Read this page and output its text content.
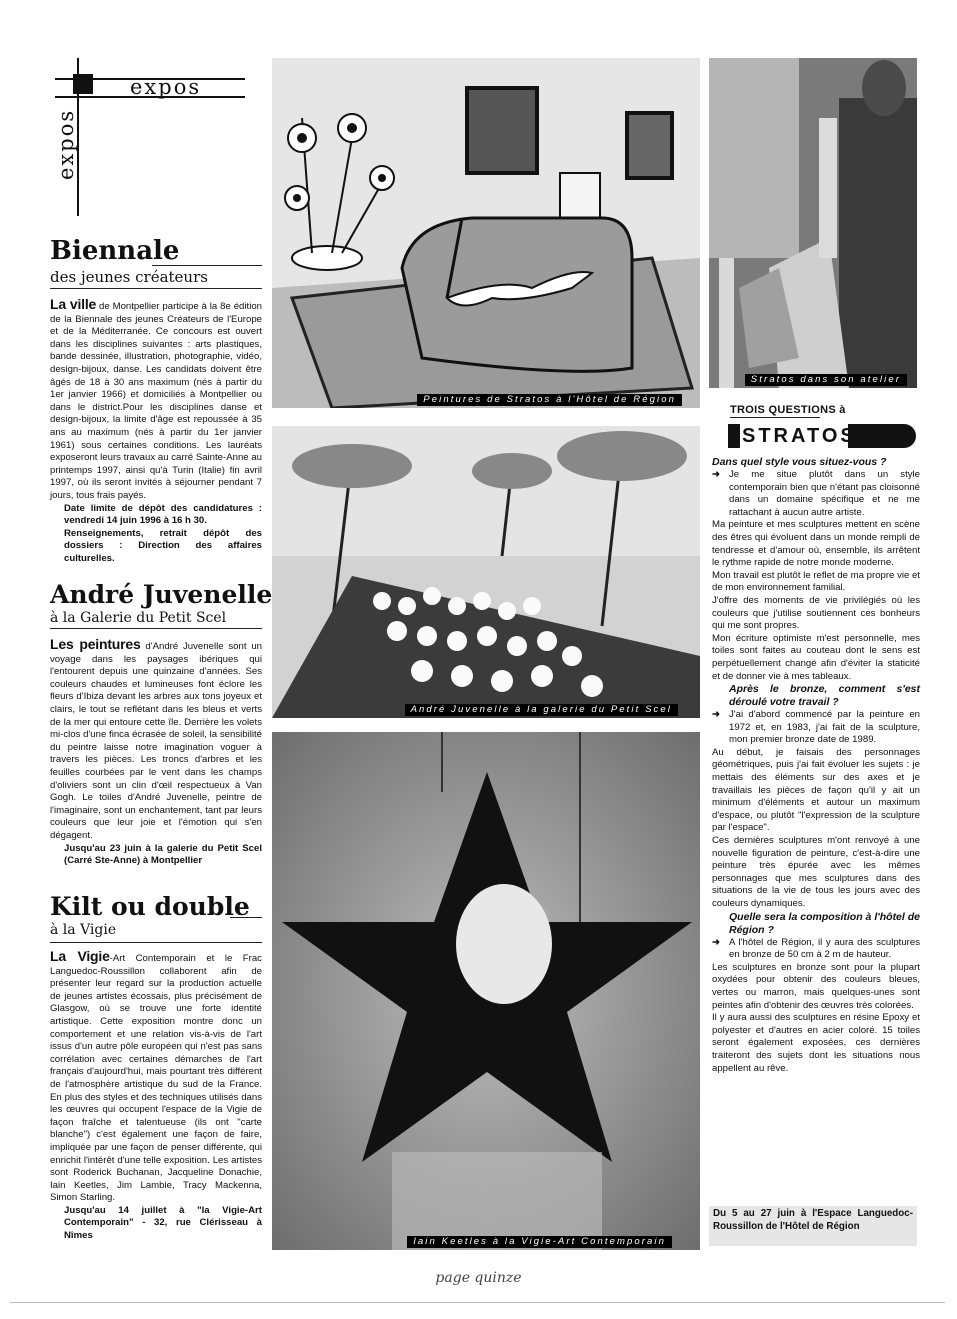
expos
expos
Biennale
des jeunes créateurs

La ville de Montpellier participe à la 8e édition de la Biennale des jeunes Créateurs de l'Europe et de la Méditerranée. Ce concours est ouvert dans les disciplines suivantes : arts plastiques, bande dessinée, illustration, photographie, vidéo, design-bijoux, danse. Les candidats doivent être âgés de 18 à 30 ans maximum (nés à partir du 1er janvier 1966) et domiciliés à Montpellier ou dans le district.Pour les disciplines danse et design-bijoux, la limite d'âge est repoussée à 35 ans au maximum (nés à partir du 1er janvier 1961) sous certaines conditions. Les lauréats exposeront leurs travaux au carré Sainte-Anne au printemps 1997, ainsi qu'à Turin (Italie) fin avril 1997, où ils seront invités à séjourner pendant 7 jours, tous frais payés.

Date limite de dépôt des candidatures : vendredi 14 juin 1996 à 16 h 30.

Renseignements, retrait dépôt des dossiers : Direction des affaires culturelles.

André Juvenelle
à la Galerie du Petit Scel

Les peintures d'André Juvenelle sont un voyage dans les paysages ibériques qui l'entourent depuis une quinzaine d'années. Ses couleurs chaudes et lumineuses font éclore les fleurs d'Ibiza devant les arbres aux tons joyeux et clairs, le tout se reflétant dans les bleus et verts de la mer qui entoure cette île. Derrière les volets mi-clos d'une finca écrasée de soleil, la sensibilité du peintre laisse notre imagination voguer à travers les pièces. Les troncs d'arbres et les feuilles courbées par le vent dans les champs d'oliviers sont un clin d'œil respectueux à Van Gogh. Le toiles d'André Juvenelle, peintre de l'imaginaire, sont un enchantement, tant par leurs couleurs que leur joie et l'émotion qui s'en dégagent.

Jusqu'au 23 juin à la galerie du Petit Scel (Carré Ste-Anne) à Montpellier

Kilt ou double
à la Vigie

La Vigie-Art Contemporain et le Frac Languedoc-Roussillon collaborent afin de présenter leur regard sur la production actuelle de jeunes artistes écossais, plus précisément de Glasgow, où se trouve une forte identité artistique. Cette exposition montre donc un comportement et une relation vis-à-vis de l'art issus d'un autre pôle européen qui n'est pas sans corrélation avec certaines démarches de l'art français d'aujourd'hui, mais pourtant très différent de l'atmosphère artistique du sud de la France. En plus des styles et des techniques utilisés dans les œuvres qui occupent l'espace de la Vigie de façon fraîche et talentueuse (ils ont "carte blanche") c'est également une façon de faire, impliquée par une façon de penser différente, qui enrichit l'intérêt d'une telle exposition. Les artistes sont Roderick Buchanan, Jacqueline Donachie, Iain Keetles, Jim Lambie, Tracy Mackenna, Simon Starling.

Jusqu'au 14 juillet à "la Vigie-Art Contemporain" - 32, rue Clérisseau à Nîmes

Peintures de Stratos à l'Hôtel de Région
Stratos dans son atelier
André Juvenelle à la galerie du Petit Scel
Iain Keetles à la Vigie-Art Contemporain
TROIS QUESTIONS à
STRATOS

Dans quel style vous situez-vous ?

➜ Je me situe plutôt dans un style contemporain bien que n'étant pas cloisonné dans un domaine spécifique et ne me rattachant à aucun autre artiste.

Ma peinture et mes sculptures mettent en scène des êtres qui évoluent dans un monde rempli de tendresse et d'amour où, ensemble, ils arrêtent le rythme rapide de notre monde moderne.

Mon travail est plutôt le reflet de ma propre vie et de mon environnement familial.

J'offre des moments de vie privilégiés où les couleurs que j'utilise soutiennent ces bonheurs qui me sont propres.

Mon écriture optimiste m'est personnelle, mes toiles sont faites au couteau dont le sens est perpétuellement changé afin d'éviter la staticité et de donner vie à mes tableaux.

Après le bronze, comment s'est déroulé votre travail ?

➜ J'ai d'abord commencé par la peinture en 1972 et, en 1983, j'ai fait de la sculpture, mon premier bronze date de 1989.

Au début, je faisais des personnages géométriques, puis j'ai fait évoluer les sujets : je mettais des éléments sur des axes et je travaillais les pièces de façon qu'il y ait un minimum d'éléments et autour un maximum d'espace, ou plutôt "l'expression de la sculpture par l'espace".

Ces dernières sculptures m'ont renvoyé à une nouvelle figuration de peinture, c'est-à-dire une peinture très épurée avec les mêmes personnages que mes sculptures dans des situations de la vie de tous les jours avec des couleurs dynamiques.

Quelle sera la composition à l'hôtel de Région ?

➜ A l'hôtel de Région, il y aura des sculptures en bronze de 50 cm à 2 m de hauteur.

Les sculptures en bronze sont pour la plupart oxydées pour obtenir des couleurs bleues, vertes ou marron, mais quelques-unes sont peintes afin d'obtenir des œuvres très colorées.

Il y aura aussi des sculptures en résine Epoxy et polyester et d'autres en acier coloré. 15 toiles seront également exposées, ces dernières traiteront des sujets dont les situations nous appellent au rêve.

Du 5 au 27 juin à l'Espace Languedoc-Roussillon de l'Hôtel de Région
page quinze
